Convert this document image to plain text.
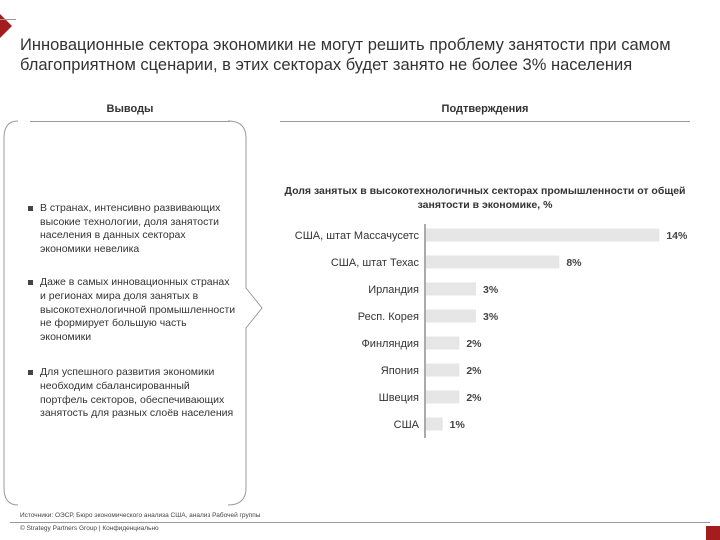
Инновационные сектора экономики не могут решить проблему занятости при самом благоприятном сценарии, в этих секторах будет занято не более 3% населения
Выводы	Подтверждения
В странах, интенсивно развивающих высокие технологии, доля занятости населения в данных секторах экономики невелика
Даже в самых инновационных странах и регионах мира доля занятых в высокотехнологичной промышленности не формирует большую часть экономики
Для успешного развития экономики необходим сбалансированный портфель секторов, обеспечивающих занятость для разных слоёв населения
Доля занятых в высокотехнологичных секторах промышленности от общей занятости в экономике, %
США, штат Массачусетс	14%
США, штат Техас	8%
Ирландия	3%
Респ. Корея	3%
Финляндия	2%
Япония	2%
Швеция	2%
США	1%
Источники: ОЭСР, Бюро экономического анализа США, анализ Рабочей группы
© Strategy Partners Group | Конфиденциально
